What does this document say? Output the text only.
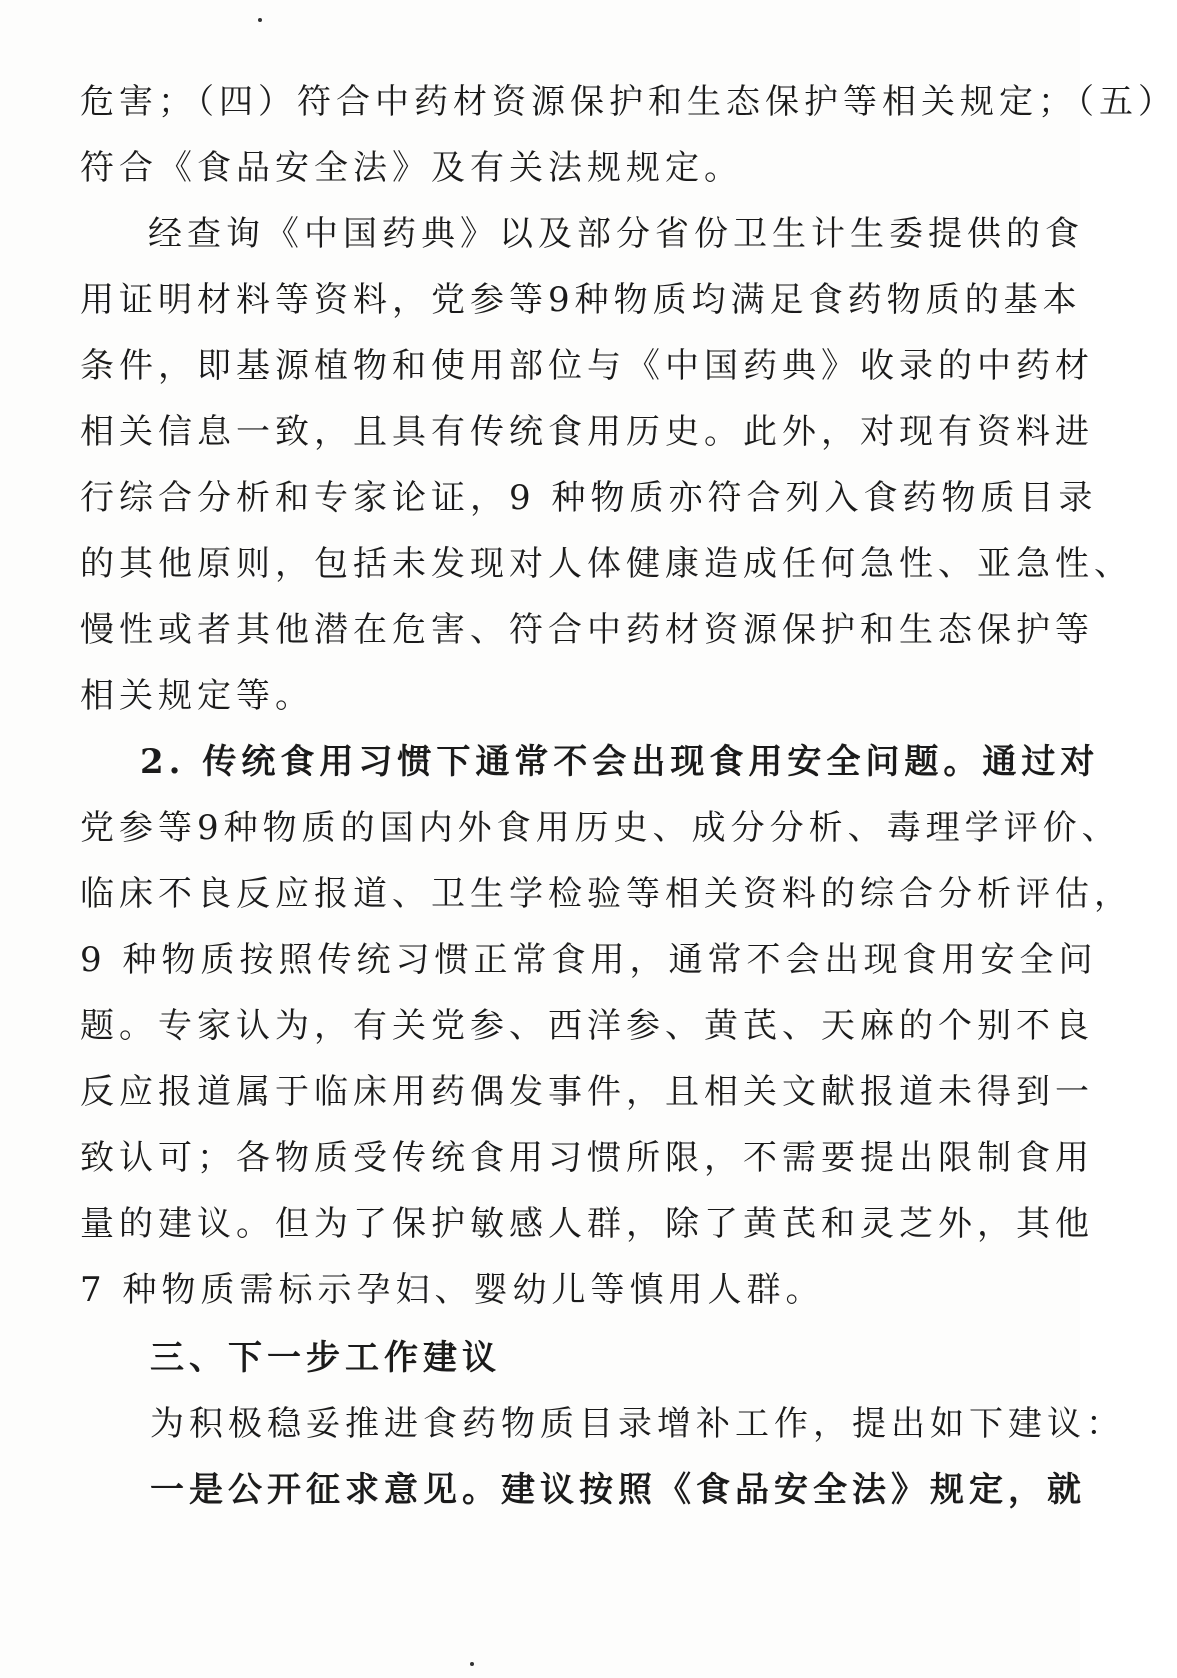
危害；（四）符合中药材资源保护和生态保护等相关规定；（五）
符合《食品安全法》及有关法规规定。
经查询《中国药典》以及部分省份卫生计生委提供的食
用证明材料等资料，党参等9种物质均满足食药物质的基本
条件，即基源植物和使用部位与《中国药典》收录的中药材
相关信息一致，且具有传统食用历史。此外，对现有资料进
行综合分析和专家论证，9 种物质亦符合列入食药物质目录
的其他原则，包括未发现对人体健康造成任何急性、亚急性、
慢性或者其他潜在危害、符合中药材资源保护和生态保护等
相关规定等。
2. 传统食用习惯下通常不会出现食用安全问题。通过对
党参等9种物质的国内外食用历史、成分分析、毒理学评价、
临床不良反应报道、卫生学检验等相关资料的综合分析评估，
9 种物质按照传统习惯正常食用，通常不会出现食用安全问
题。专家认为，有关党参、西洋参、黄芪、天麻的个别不良
反应报道属于临床用药偶发事件，且相关文献报道未得到一
致认可；各物质受传统食用习惯所限，不需要提出限制食用
量的建议。但为了保护敏感人群，除了黄芪和灵芝外，其他
7 种物质需标示孕妇、婴幼儿等慎用人群。
三、下一步工作建议
为积极稳妥推进食药物质目录增补工作，提出如下建议：
一是公开征求意见。建议按照《食品安全法》规定，就
